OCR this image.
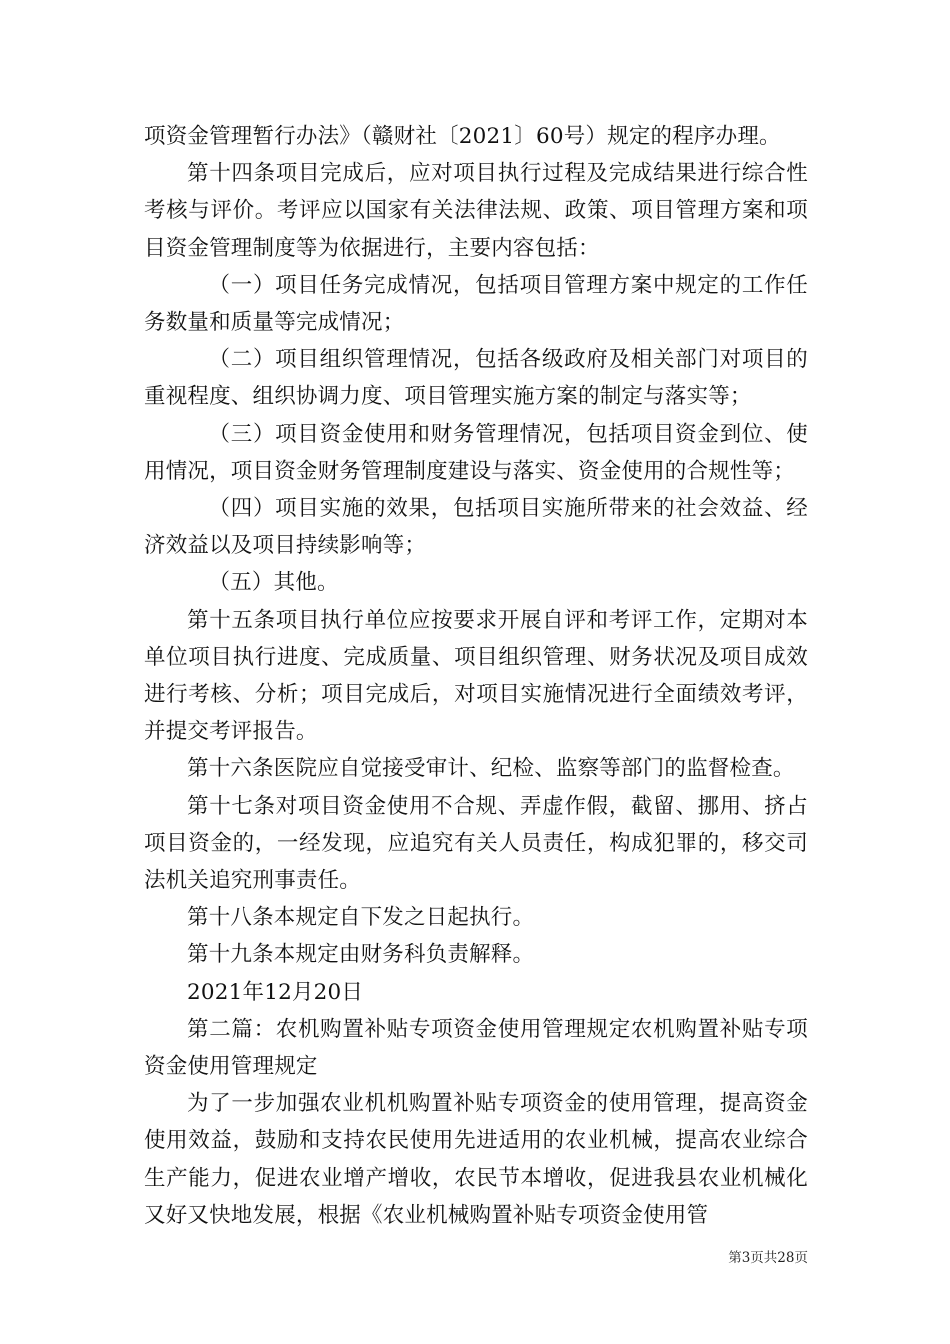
项资金管理暂行办法》（赣财社〔2021〕60号）规定的程序办理。

第十四条项目完成后，应对项目执行过程及完成结果进行综合性考核与评价。考评应以国家有关法律法规、政策、项目管理方案和项目资金管理制度等为依据进行，主要内容包括：

（一）项目任务完成情况，包括项目管理方案中规定的工作任务数量和质量等完成情况；

（二）项目组织管理情况，包括各级政府及相关部门对项目的重视程度、组织协调力度、项目管理实施方案的制定与落实等；

（三）项目资金使用和财务管理情况，包括项目资金到位、使用情况，项目资金财务管理制度建设与落实、资金使用的合规性等；

（四）项目实施的效果，包括项目实施所带来的社会效益、经济效益以及项目持续影响等；

（五）其他。

第十五条项目执行单位应按要求开展自评和考评工作，定期对本单位项目执行进度、完成质量、项目组织管理、财务状况及项目成效进行考核、分析；项目完成后，对项目实施情况进行全面绩效考评，并提交考评报告。

第十六条医院应自觉接受审计、纪检、监察等部门的监督检查。

第十七条对项目资金使用不合规、弄虚作假，截留、挪用、挤占项目资金的，一经发现，应追究有关人员责任，构成犯罪的，移交司法机关追究刑事责任。

第十八条本规定自下发之日起执行。

第十九条本规定由财务科负责解释。

2021年12月20日

第二篇：农机购置补贴专项资金使用管理规定农机购置补贴专项资金使用管理规定

为了一步加强农业机机购置补贴专项资金的使用管理，提高资金使用效益，鼓励和支持农民使用先进适用的农业机械，提高农业综合生产能力，促进农业增产增收，农民节本增收，促进我县农业机械化又好又快地发展，根据《农业机械购置补贴专项资金使用管

第3页共28页
